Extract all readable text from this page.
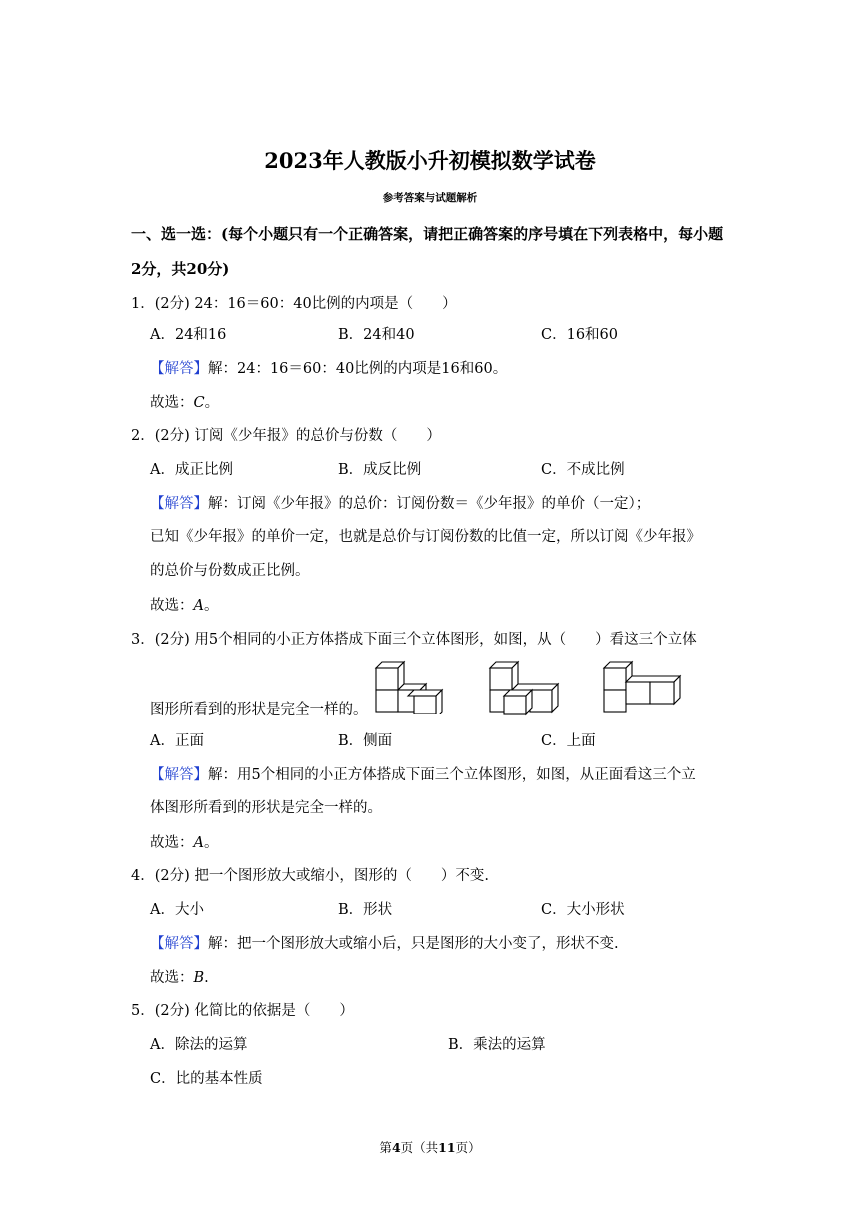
2023年人教版小升初模拟数学试卷
参考答案与试题解析
一、选一选：(每个小题只有一个正确答案，请把正确答案的序号填在下列表格中，每小题
2分，共20分)
1．(2分) 24：16＝60：40比例的内项是（　　）
A．24和16	B．24和40	C．16和60
【解答】解：24：16＝60：40比例的内项是16和60。
故选：C。
2．(2分) 订阅《少年报》的总价与份数（　　）
A．成正比例	B．成反比例	C．不成比例
【解答】解：订阅《少年报》的总价：订阅份数＝《少年报》的单价（一定）；
已知《少年报》的单价一定，也就是总价与订阅份数的比值一定，所以订阅《少年报》
的总价与份数成正比例。
故选：A。
3．(2分) 用5个相同的小正方体搭成下面三个立体图形，如图，从（　　）看这三个立体
图形所看到的形状是完全一样的。
A．正面	B．侧面	C．上面
【解答】解：用5个相同的小正方体搭成下面三个立体图形，如图，从正面看这三个立
体图形所看到的形状是完全一样的。
故选：A。
4．(2分) 把一个图形放大或缩小，图形的（　　）不变.
A．大小	B．形状	C．大小形状
【解答】解：把一个图形放大或缩小后，只是图形的大小变了，形状不变.
故选：B.
5．(2分) 化简比的依据是（　　）
A．除法的运算	B．乘法的运算
C．比的基本性质
第4页（共11页）
